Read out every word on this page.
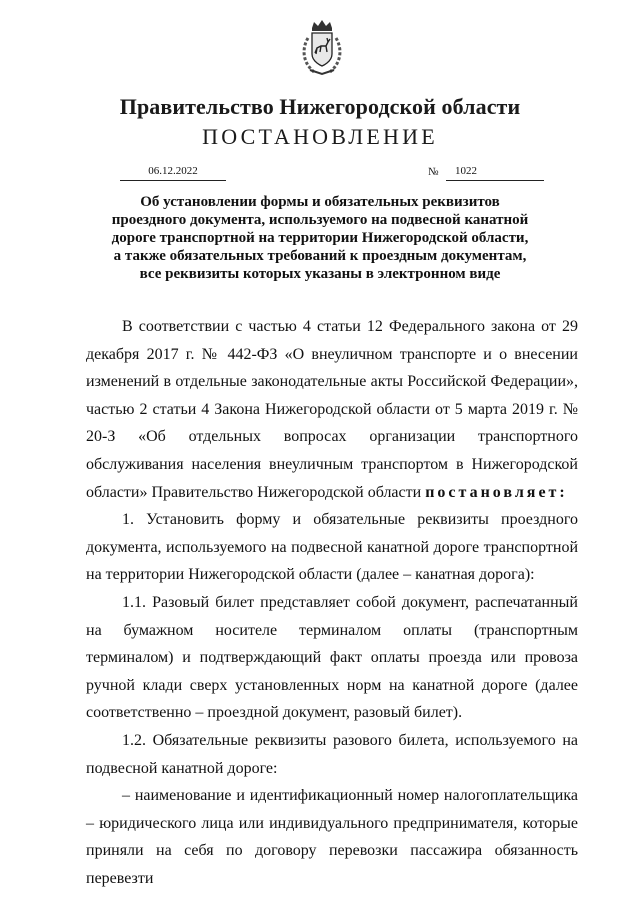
Правительство Нижегородской области
ПОСТАНОВЛЕНИЕ
06.12.2022	№	1022
Об установлении формы и обязательных реквизитов
проездного документа, используемого на подвесной канатной
дороге транспортной на территории Нижегородской области,
а также обязательных требований к проездным документам,
все реквизиты которых указаны в электронном виде

В соответствии с частью 4 статьи 12 Федерального закона от 29 декабря 2017 г. № 442-ФЗ «О внеуличном транспорте и о внесении изменений в отдельные законодательные акты Российской Федерации», частью 2 статьи 4 Закона Нижегородской области от 5 марта 2019 г. № 20-З «Об отдельных вопросах организации транспортного обслуживания населения внеуличным транспортом в Нижегородской области» Правительство Нижегородской области постановляет:

1. Установить форму и обязательные реквизиты проездного документа, используемого на подвесной канатной дороге транспортной на территории Нижегородской области (далее – канатная дорога):

1.1. Разовый билет представляет собой документ, распечатанный на бумажном носителе терминалом оплаты (транспортным терминалом) и подтверждающий факт оплаты проезда или провоза ручной клади сверх установленных норм на канатной дороге (далее соответственно – проездной документ, разовый билет).

1.2. Обязательные реквизиты разового билета, используемого на подвесной канатной дороге:

– наименование и идентификационный номер налогоплательщика – юридического лица или индивидуального предпринимателя, которые приняли на себя по договору перевозки пассажира обязанность перевезти
